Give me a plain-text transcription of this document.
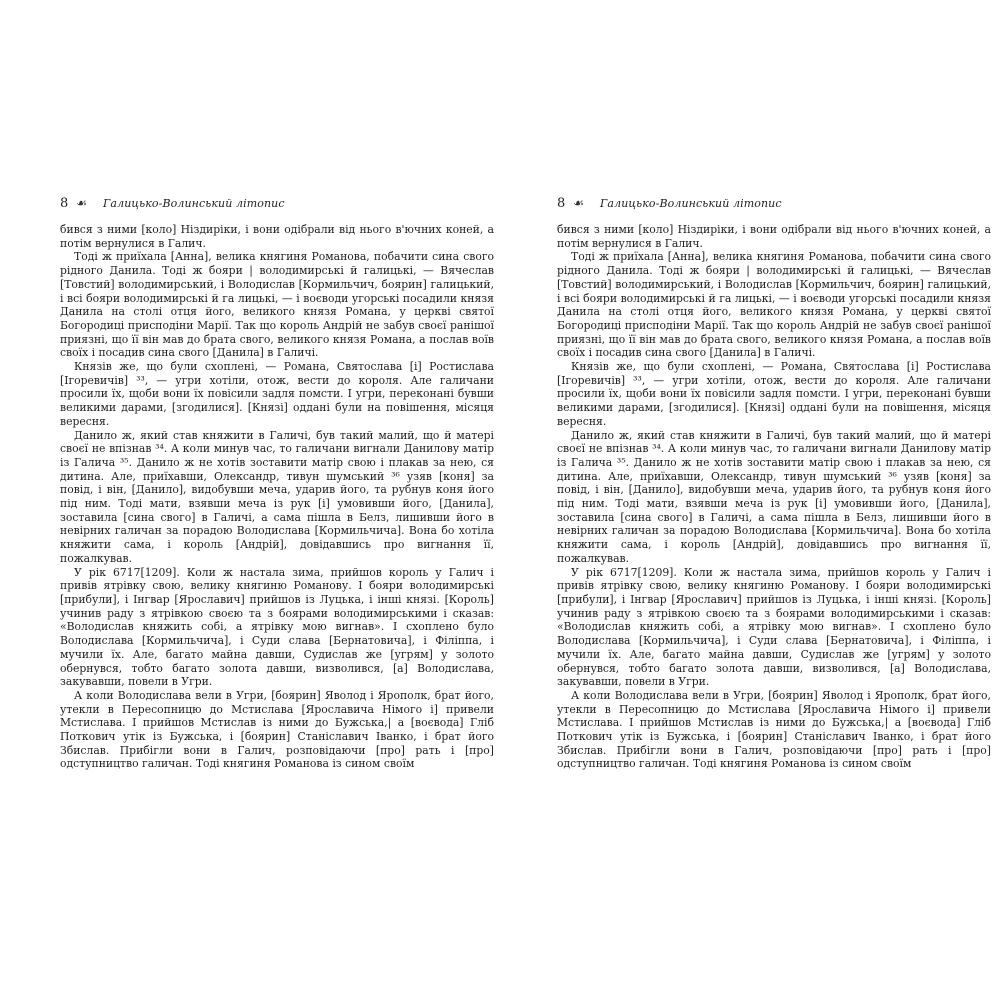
8 ☙ Галицько-Волинський літопис

бився з ними [коло] Ніздиріки, і вони одібрали від нього в'ючних коней, а потім вернулися в Галич.

Тоді ж приїхала [Анна], велика княгиня Романова, побачити сина свого рідного Данила. Тоді ж бояри | володимирські й галицькі, — Вячеслав [Товстий] володимирський, і Володислав [Кормильчич, боярин] галицький, і всі бояри володимирські й га лицькі, — і воєводи угорські посадили князя Данила на столі отця його, великого князя Романа, у церкві святої Богородиці присподіни Марії. Так що король Андрій не забув своєї ранішої приязні, що її він мав до брата свого, великого князя Романа, а послав воїв своїх і посадив сина свого [Данила] в Галичі.

Князів же, що були схоплені, — Романа, Святослава [і] Ростислава [Ігоревичів] ³³, — угри хотіли, отож, вести до короля. Але галичани просили їх, щоби вони їх повісили задля помсти. І угри, переконані бувши великими дарами, [згодилися]. [Князі] оддані були на повішення, місяця вересня.

Данило ж, який став княжити в Галичі, був такий малий, що й матері своєї не впізнав ³⁴. А коли минув час, то галичани вигнали Данилову матір із Галича ³⁵. Данило ж не хотів зоставити матір свою і плакав за нею, ся дитина. Але, приїхавши, Олександр, тивун шумський ³⁶ узяв [коня] за повід, і він, [Данило], видобувши меча, ударив його, та рубнув коня його під ним. Тоді мати, взявши меча із рук [і] умовивши його, [Данила], зоставила [сина свого] в Галичі, а сама пішла в Белз, лишивши його в невірних галичан за порадою Володислава [Кормильчича]. Вона бо хотіла княжити сама, і король [Андрій], довідавшись про вигнання її, пожалкував.

У рік 6717[1209]. Коли ж настала зима, прийшов король у Галич і привів ятрівку свою, велику княгиню Романову. І бояри володимирські [прибули], і Інгвар [Ярославич] прийшов із Луцька, і інші князі. [Король] учинив раду з ятрівкою своєю та з боярами володимирськими і сказав: «Володислав княжить собі, а ятрівку мою вигнав». І схоплено було Володислава [Кормильчича], і Суди слава [Бернатовича], і Філіппа, і мучили їх. Але, багато майна давши, Судислав же [угрям] у золото обернувся, тобто багато золота давши, визволився, [а] Володислава, закувавши, повели в Угри.

А коли Володислава вели в Угри, [боярин] Яволод і Ярополк, брат його, утекли в Пересопницю до Мстислава [Ярославича Німого і] привели Мстислава. І прийшов Мстислав із ними до Бужська,| а [воєвода] Гліб Поткович утік із Бужська, і [боярин] Станіславич Іванко, і брат його Збислав. Прибігли вони в Галич, розповідаючи [про] рать і [про] одступництво галичан. Тоді княгиня Романова із сином своїм

8 ☙ Галицько-Волинський літопис

бився з ними [коло] Ніздиріки, і вони одібрали від нього в'ючних коней, а потім вернулися в Галич.

Тоді ж приїхала [Анна], велика княгиня Романова, побачити сина свого рідного Данила. Тоді ж бояри | володимирські й галицькі, — Вячеслав [Товстий] володимирський, і Володислав [Кормильчич, боярин] галицький, і всі бояри володимирські й га лицькі, — і воєводи угорські посадили князя Данила на столі отця його, великого князя Романа, у церкві святої Богородиці присподіни Марії. Так що король Андрій не забув своєї ранішої приязні, що її він мав до брата свого, великого князя Романа, а послав воїв своїх і посадив сина свого [Данила] в Галичі.

Князів же, що були схоплені, — Романа, Святослава [і] Ростислава [Ігоревичів] ³³, — угри хотіли, отож, вести до короля. Але галичани просили їх, щоби вони їх повісили задля помсти. І угри, переконані бувши великими дарами, [згодилися]. [Князі] оддані були на повішення, місяця вересня.

Данило ж, який став княжити в Галичі, був такий малий, що й матері своєї не впізнав ³⁴. А коли минув час, то галичани вигнали Данилову матір із Галича ³⁵. Данило ж не хотів зоставити матір свою і плакав за нею, ся дитина. Але, приїхавши, Олександр, тивун шумський ³⁶ узяв [коня] за повід, і він, [Данило], видобувши меча, ударив його, та рубнув коня його під ним. Тоді мати, взявши меча із рук [і] умовивши його, [Данила], зоставила [сина свого] в Галичі, а сама пішла в Белз, лишивши його в невірних галичан за порадою Володислава [Кормильчича]. Вона бо хотіла княжити сама, і король [Андрій], довідавшись про вигнання її, пожалкував.

У рік 6717[1209]. Коли ж настала зима, прийшов король у Галич і привів ятрівку свою, велику княгиню Романову. І бояри володимирські [прибули], і Інгвар [Ярославич] прийшов із Луцька, і інші князі. [Король] учинив раду з ятрівкою своєю та з боярами володимирськими і сказав: «Володислав княжить собі, а ятрівку мою вигнав». І схоплено було Володислава [Кормильчича], і Суди слава [Бернатовича], і Філіппа, і мучили їх. Але, багато майна давши, Судислав же [угрям] у золото обернувся, тобто багато золота давши, визволився, [а] Володислава, закувавши, повели в Угри.

А коли Володислава вели в Угри, [боярин] Яволод і Ярополк, брат його, утекли в Пересопницю до Мстислава [Ярославича Німого і] привели Мстислава. І прийшов Мстислав із ними до Бужська,| а [воєвода] Гліб Поткович утік із Бужська, і [боярин] Станіславич Іванко, і брат його Збислав. Прибігли вони в Галич, розповідаючи [про] рать і [про] одступництво галичан. Тоді княгиня Романова із сином своїм
